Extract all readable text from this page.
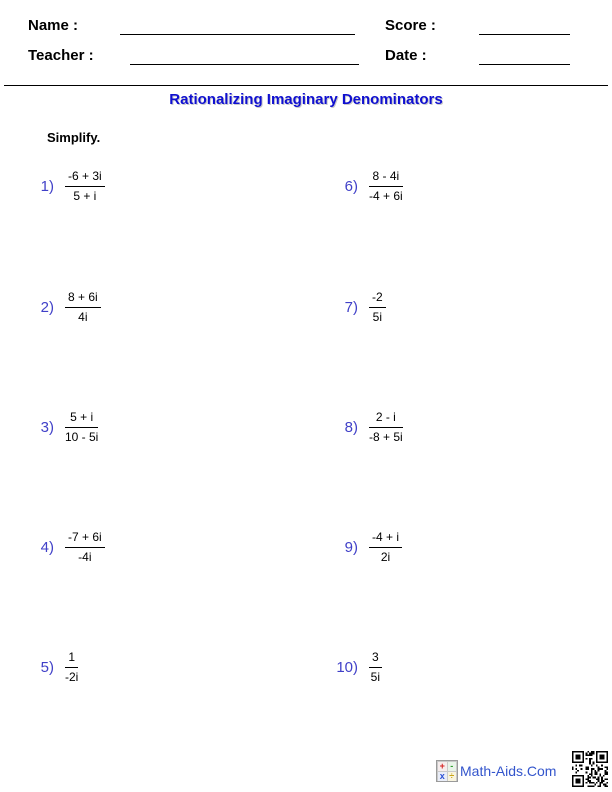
Name :	Score :
Teacher :	Date :
Rationalizing Imaginary Denominators
Simplify.
$1) \frac{-6 + 3i}{5 + i}$
$2) \frac{8 + 6i}{4i}$
$3) \frac{5 + i}{10 - 5i}$
$4) \frac{-7 + 6i}{-4i}$
$5) \frac{1}{-2i}$
$6) \frac{8 - 4i}{-4 + 6i}$
$7) \frac{-2}{5i}$
$8) \frac{2 - i}{-8 + 5i}$
$9) \frac{-4 + i}{2i}$
$10) \frac{3}{5i}$
+ -
x ÷ Math-Aids.Com
